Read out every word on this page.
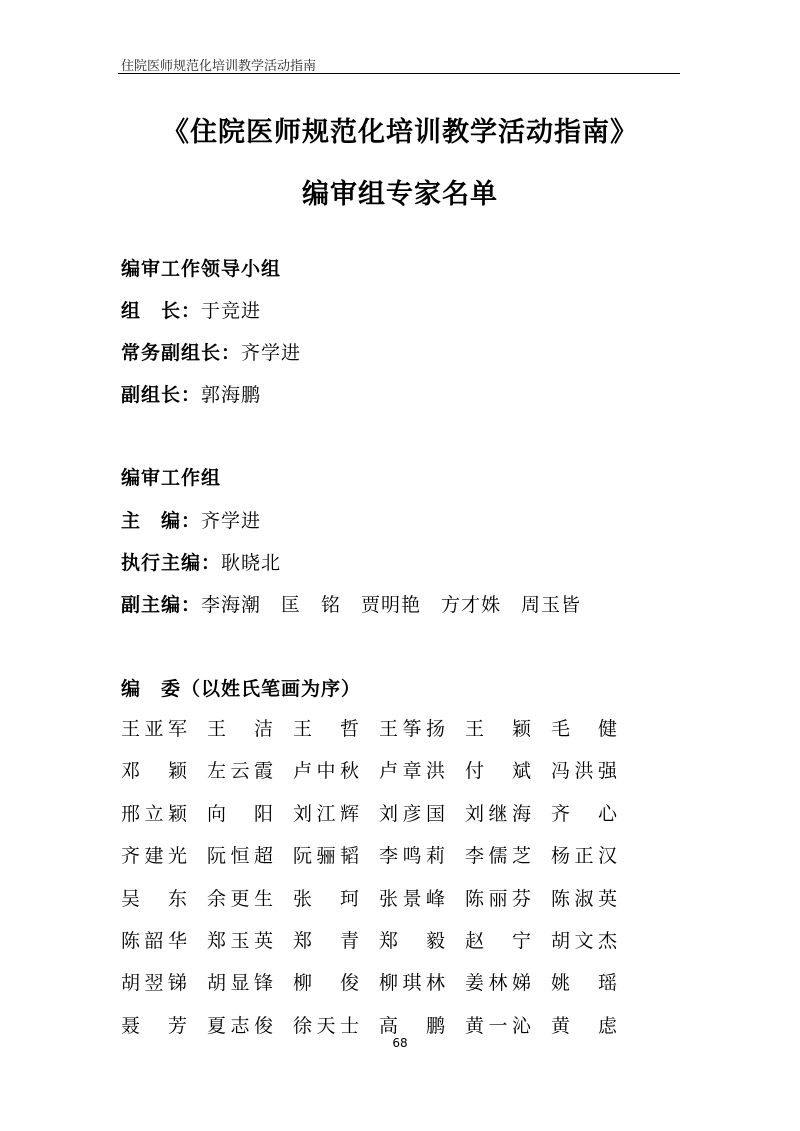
住院医师规范化培训教学活动指南
《住院医师规范化培训教学活动指南》
编审组专家名单
编审工作领导小组
组　长：于竞进
常务副组长：齐学进
副组长：郭海鹏
编审工作组
主　编：齐学进
执行主编：耿晓北
副主编：李海潮　匡　铭　贾明艳　方才姝　周玉皆
编　委（以姓氏笔画为序）
王 亚 军 王 洁 王 哲 王 筝 扬 王 颖 毛 健
邓 颖 左 云 霞 卢 中 秋 卢 章 洪 付 斌 冯 洪 强
邢 立 颖 向 阳 刘 江 辉 刘 彦 国 刘 继 海 齐 心
齐 建 光 阮 恒 超 阮 骊 韬 李 鸣 莉 李 儒 芝 杨 正 汉
吴 东 余 更 生 张 珂 张 景 峰 陈 丽 芬 陈 淑 英
陈 韶 华 郑 玉 英 郑 青 郑 毅 赵 宁 胡 文 杰
胡 翌 锑 胡 显 锋 柳 俊 柳 琪 林 姜 林 娣 姚 瑶
聂 芳 夏 志 俊 徐 天 士 高 鹏 黄 一 沁 黄 虑
68
